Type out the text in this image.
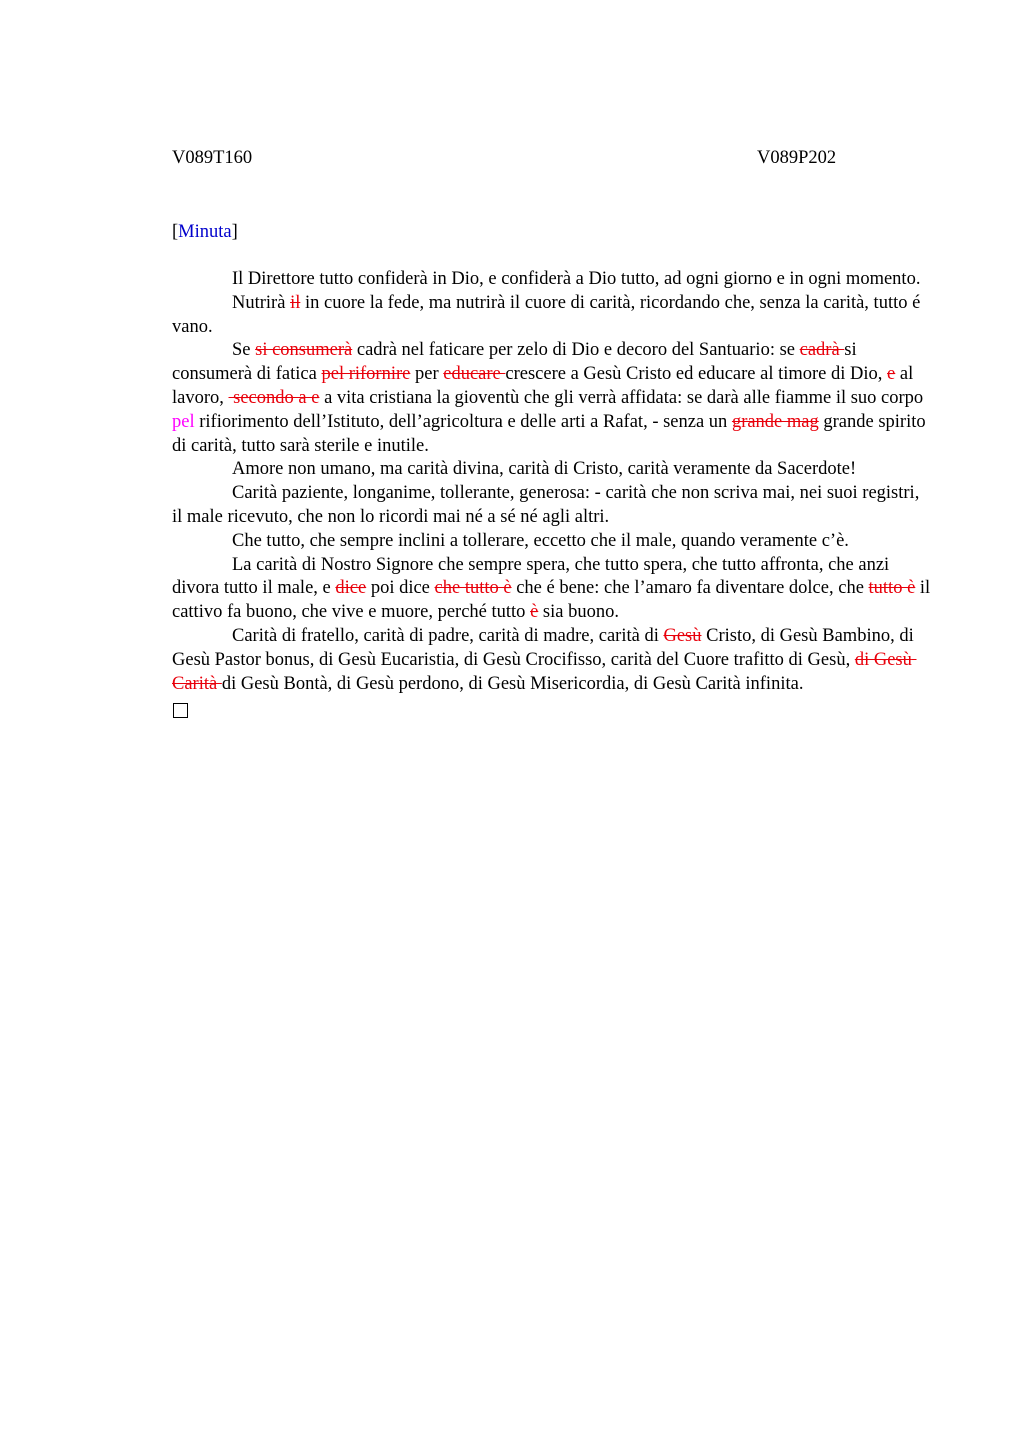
V089T160	V089P202
[Minuta]

Il Direttore tutto confiderà in Dio, e confiderà a Dio tutto, ad ogni giorno e in ogni momento.

Nutrirà il in cuore la fede, ma nutrirà il cuore di carità, ricordando che, senza la carità, tutto é vano.

Se si consumerà cadrà nel faticare per zelo di Dio e decoro del Santuario: se cadrà si consumerà di fatica pel rifornire per educare crescere a Gesù Cristo ed educare al timore di Dio, e al lavoro,  secondo a e a vita cristiana la gioventù che gli verrà affidata: se darà alle fiamme il suo corpo pel rifiorimento dell’Istituto, dell’agricoltura e delle arti a Rafat, - senza un grande mag grande spirito di carità, tutto sarà sterile e inutile.

Amore non umano, ma carità divina, carità di Cristo, carità veramente da Sacerdote!

Carità paziente, longanime, tollerante, generosa: - carità che non scriva mai, nei suoi registri, il male ricevuto, che non lo ricordi mai né a sé né agli altri.

Che tutto, che sempre inclini a tollerare, eccetto che il male, quando veramente c’è.

La carità di Nostro Signore che sempre spera, che tutto spera, che tutto affronta, che anzi divora tutto il male, e dice poi dice che tutto è che é bene: che l’amaro fa diventare dolce, che tutto è il cattivo fa buono, che vive e muore, perché tutto è sia buono.

Carità di fratello, carità di padre, carità di madre, carità di Gesù Cristo, di Gesù Bambino, di Gesù Pastor bonus, di Gesù Eucaristia, di Gesù Crocifisso, carità del Cuore trafitto di Gesù, di Gesù Carità di Gesù Bontà, di Gesù perdono, di Gesù Misericordia, di Gesù Carità infinita.
